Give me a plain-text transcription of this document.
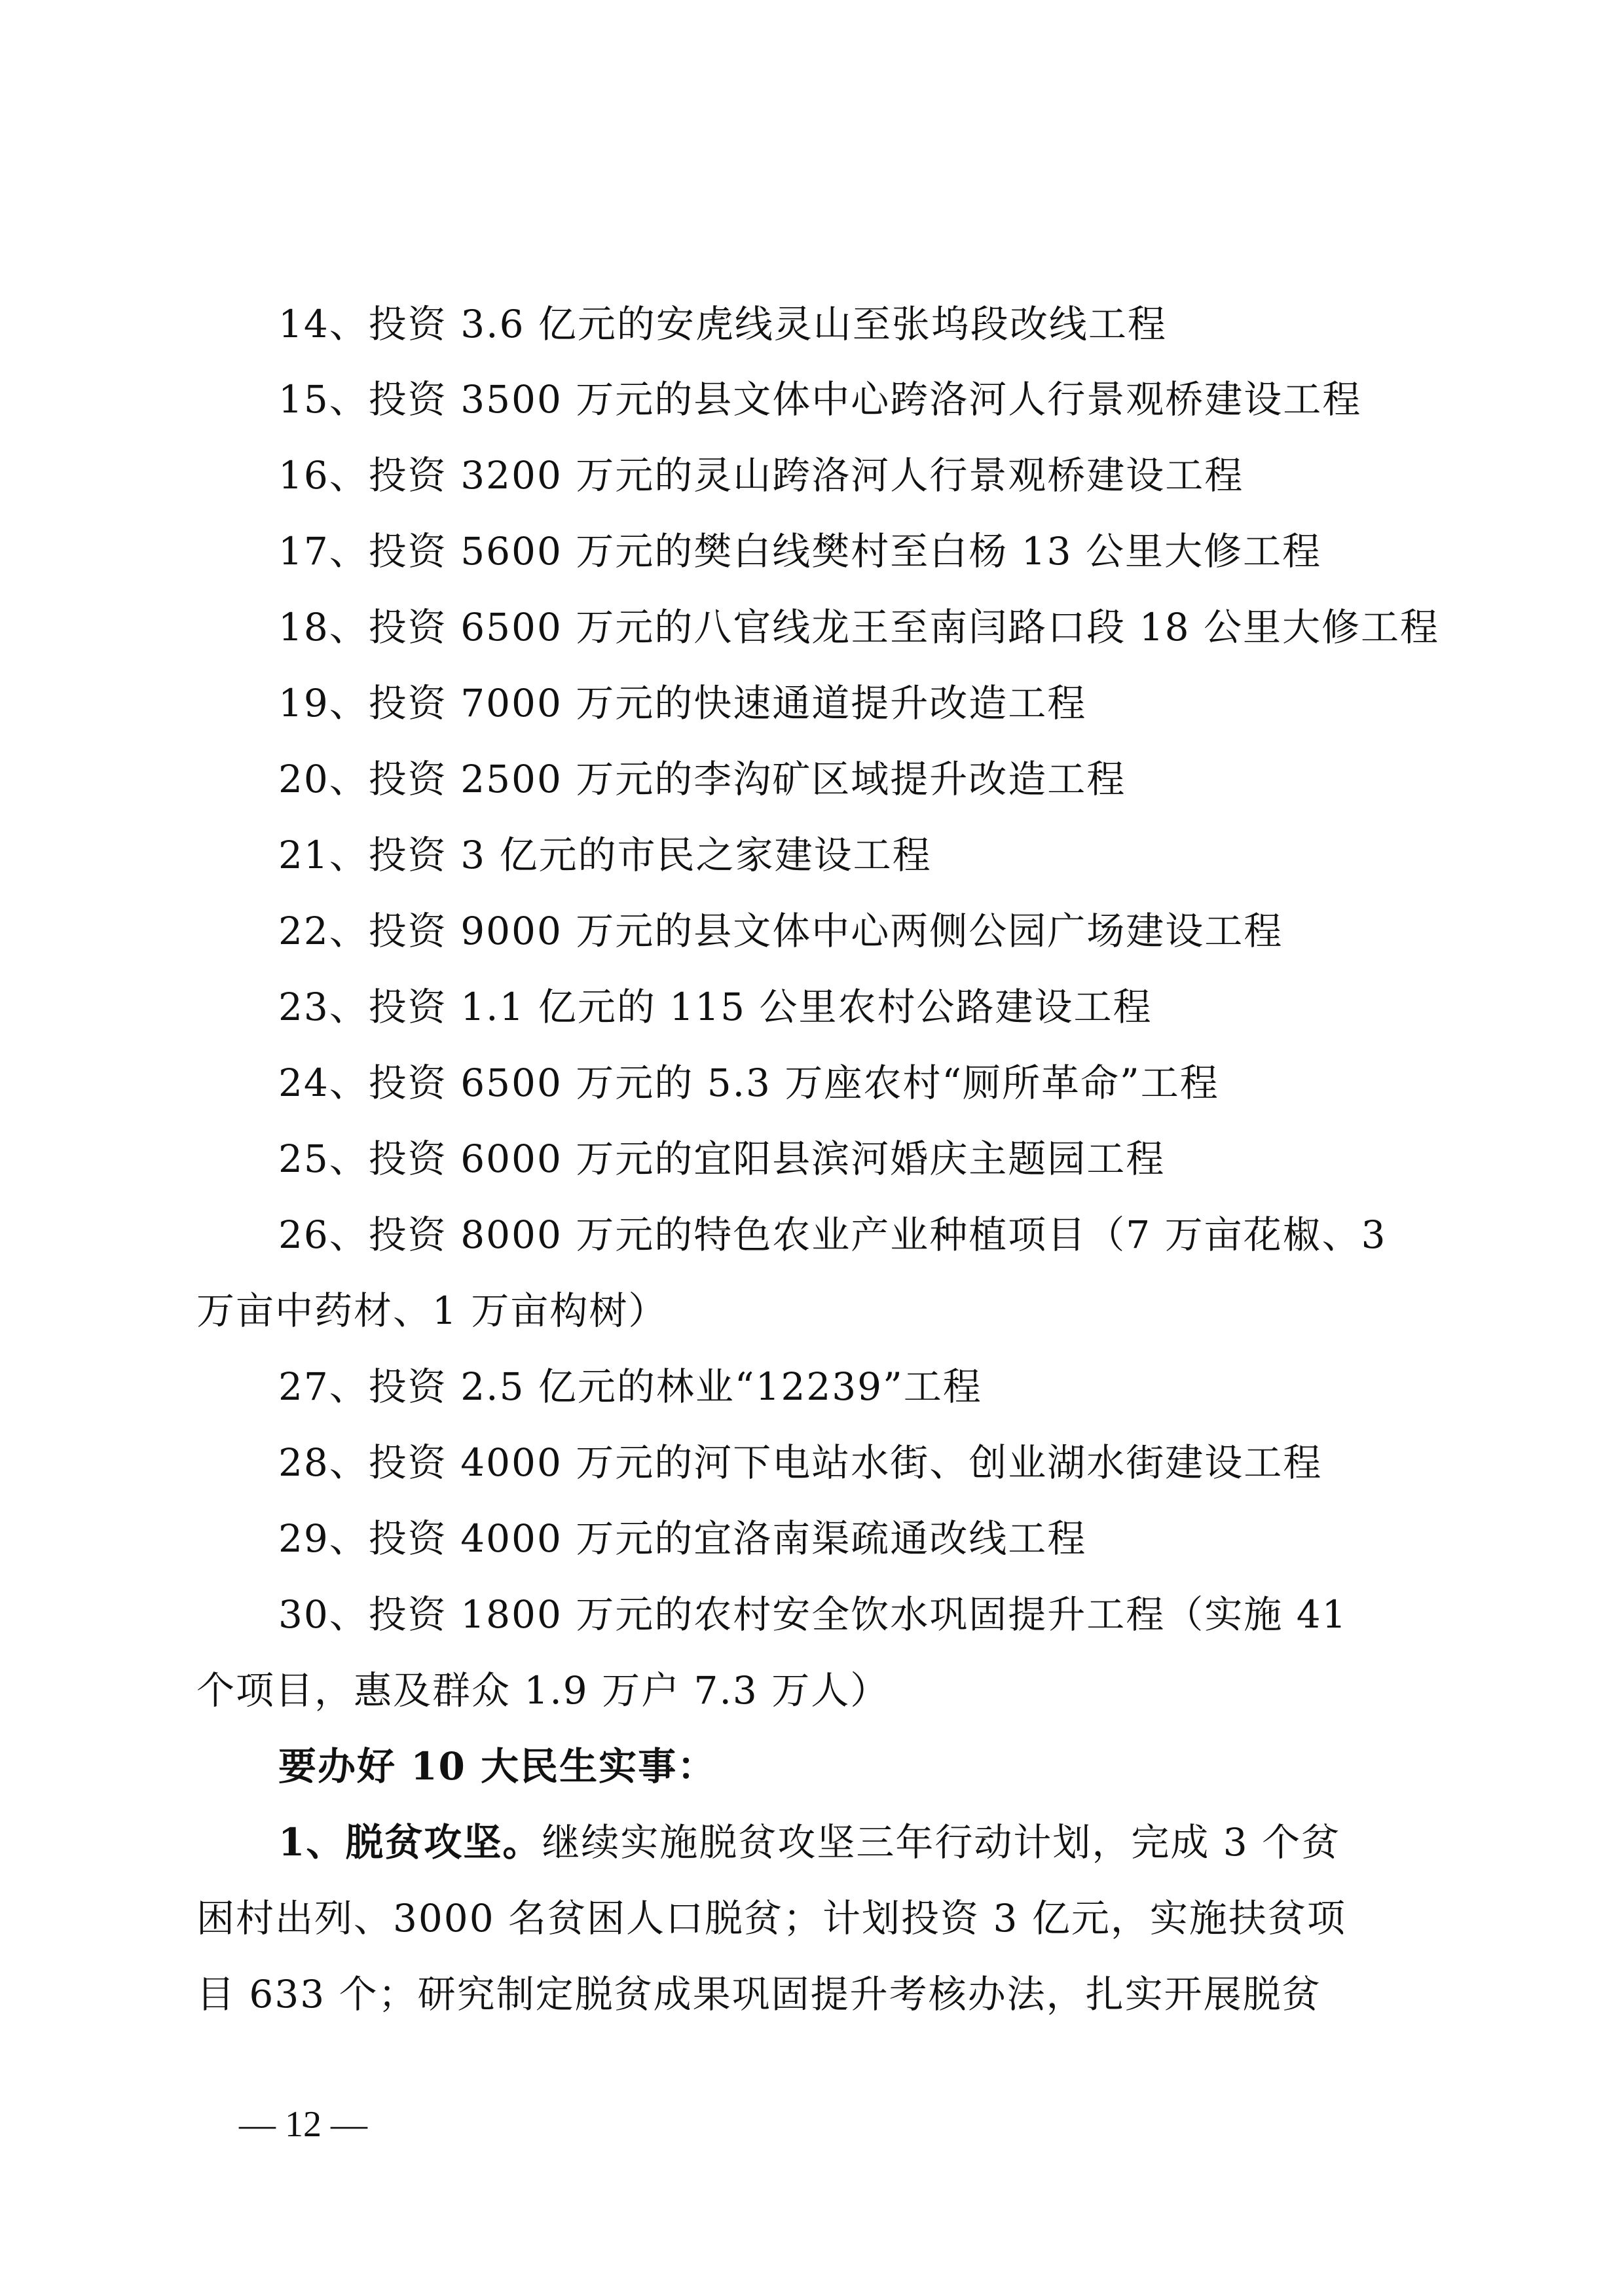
14、投资 3.6 亿元的安虎线灵山至张坞段改线工程
15、投资 3500 万元的县文体中心跨洛河人行景观桥建设工程
16、投资 3200 万元的灵山跨洛河人行景观桥建设工程
17、投资 5600 万元的樊白线樊村至白杨 13 公里大修工程
18、投资 6500 万元的八官线龙王至南闫路口段 18 公里大修工程
19、投资 7000 万元的快速通道提升改造工程
20、投资 2500 万元的李沟矿区域提升改造工程
21、投资 3 亿元的市民之家建设工程
22、投资 9000 万元的县文体中心两侧公园广场建设工程
23、投资 1.1 亿元的 115 公里农村公路建设工程
24、投资 6500 万元的 5.3 万座农村“厕所革命”工程
25、投资 6000 万元的宜阳县滨河婚庆主题园工程
26、投资 8000 万元的特色农业产业种植项目（7 万亩花椒、3
万亩中药材、1 万亩构树）
27、投资 2.5 亿元的林业“12239”工程
28、投资 4000 万元的河下电站水街、创业湖水街建设工程
29、投资 4000 万元的宜洛南渠疏通改线工程
30、投资 1800 万元的农村安全饮水巩固提升工程（实施 41
个项目，惠及群众 1.9 万户 7.3 万人）
要办好 10 大民生实事：
1、脱贫攻坚。继续实施脱贫攻坚三年行动计划，完成 3 个贫
困村出列、3000 名贫困人口脱贫；计划投资 3 亿元，实施扶贫项
目 633 个；研究制定脱贫成果巩固提升考核办法，扎实开展脱贫
— 12 —
